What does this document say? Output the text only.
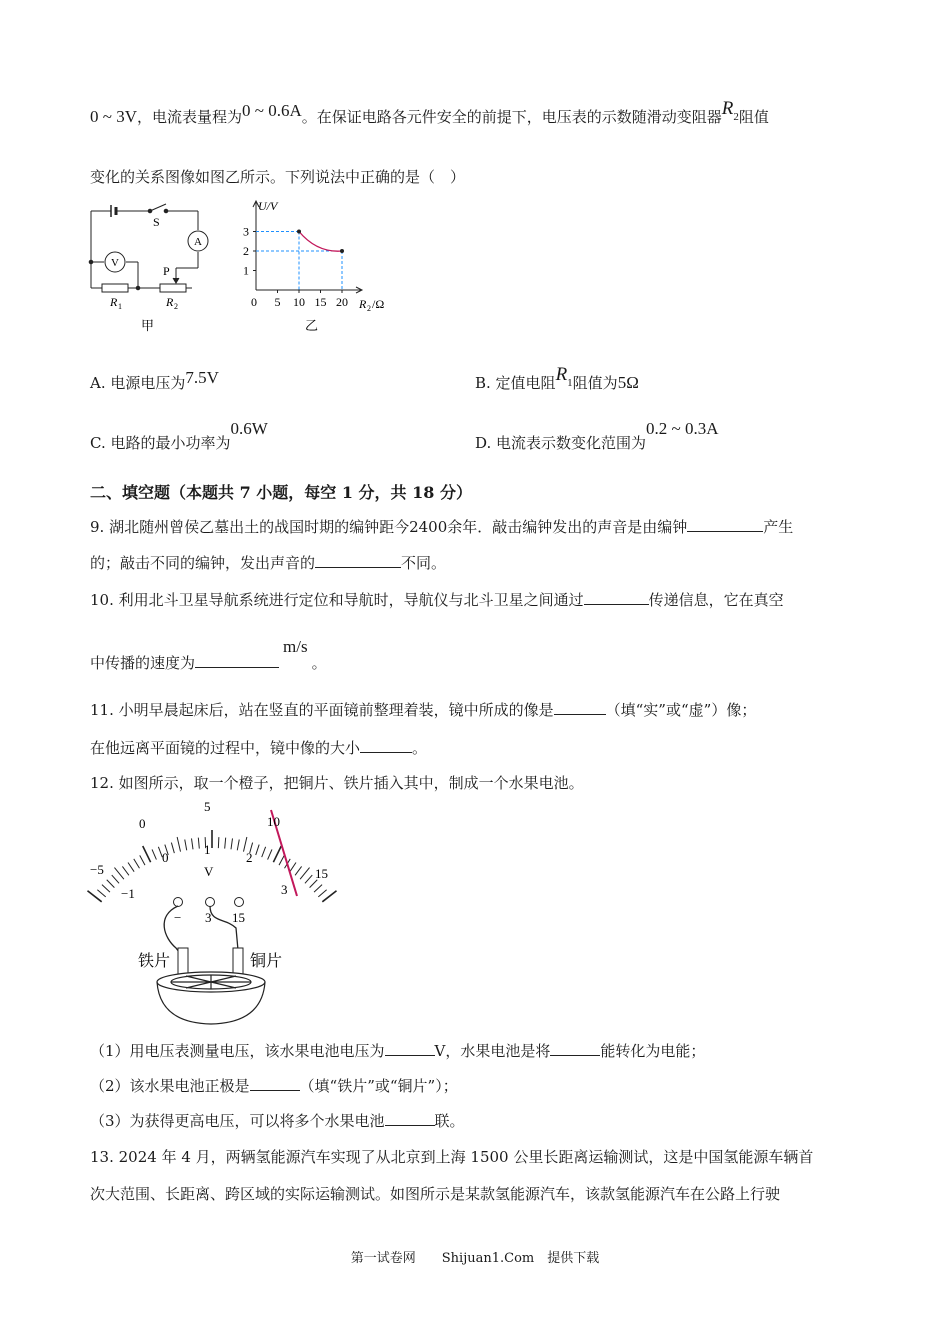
0 ~ 3V，电流表量程为0 ~ 0.6A。在保证电路各元件安全的前提下，电压表的示数随滑动变阻器$R_2$阻值
变化的关系图像如图乙所示。下列说法中正确的是（　）
S
A
V
P
R 1	R 2
甲
1
2
3
0 5 10 15 20
U/V
R 2 /Ω
乙
A. 电源电压为7.5V	B. 定值电阻$R_1$阻值为5Ω
C. 电路的最小功率为0.6W
D. 电流表示数变化范围为0.2 ~ 0.3A
二、填空题（本题共 7 小题，每空 1 分，共 18 分）
9. 湖北随州曾侯乙墓出土的战国时期的编钟距今2400余年．敲击编钟发出的声音是由编钟	产生
的；敲击不同的编钟，发出声音的	不同。
10. 利用北斗卫星导航系统进行定位和导航时，导航仪与北斗卫星之间通过	传递信息，它在真空
中传播的速度为m/s。
11. 小明早晨起床后，站在竖直的平面镜前整理着装，镜中所成的像是	（填“实”或“虚”）像；
在他远离平面镜的过程中，镜中像的大小	。
12. 如图所示，取一个橙子，把铜片、铁片插入其中，制成一个水果电池。
−5
0
5
10
15
−1
0
1
2
3
V
− 3 15
铁片	铜片
（1）用电压表测量电压，该水果电池电压为	V，水果电池是将	能转化为电能；
（2）该水果电池正极是	（填“铁片”或“铜片”）；
（3）为获得更高电压，可以将多个水果电池	联。
13. 2024 年 4 月，两辆氢能源汽车实现了从北京到上海 1500 公里长距离运输测试，这是中国氢能源车辆首
次大范围、长距离、跨区域的实际运输测试。如图所示是某款氢能源汽车，该款氢能源汽车在公路上行驶
第一试卷网　　Shijuan1.Com　提供下载
